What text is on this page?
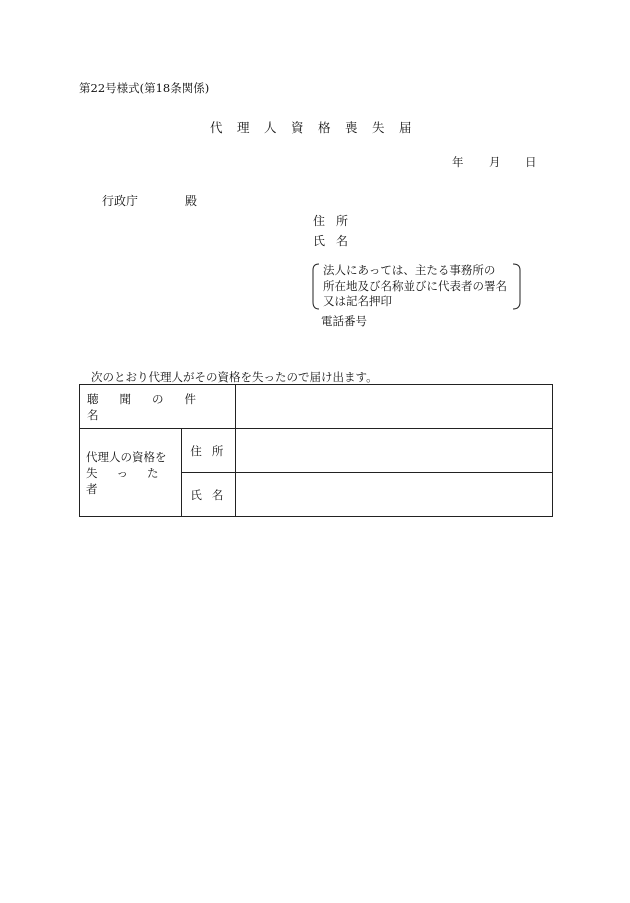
第22号様式(第18条関係)
代理人資格喪失届
年 月 日
行政庁	殿
住所
氏名
法人にあっては、主たる事務所の
所在地及び名称並びに代表者の署名
又は記名押印
電話番号
次のとおり代理人がその資格を失ったので届け出ます。
聴聞の件名		
代理人の資格を
失った者	住所	
	氏名	
